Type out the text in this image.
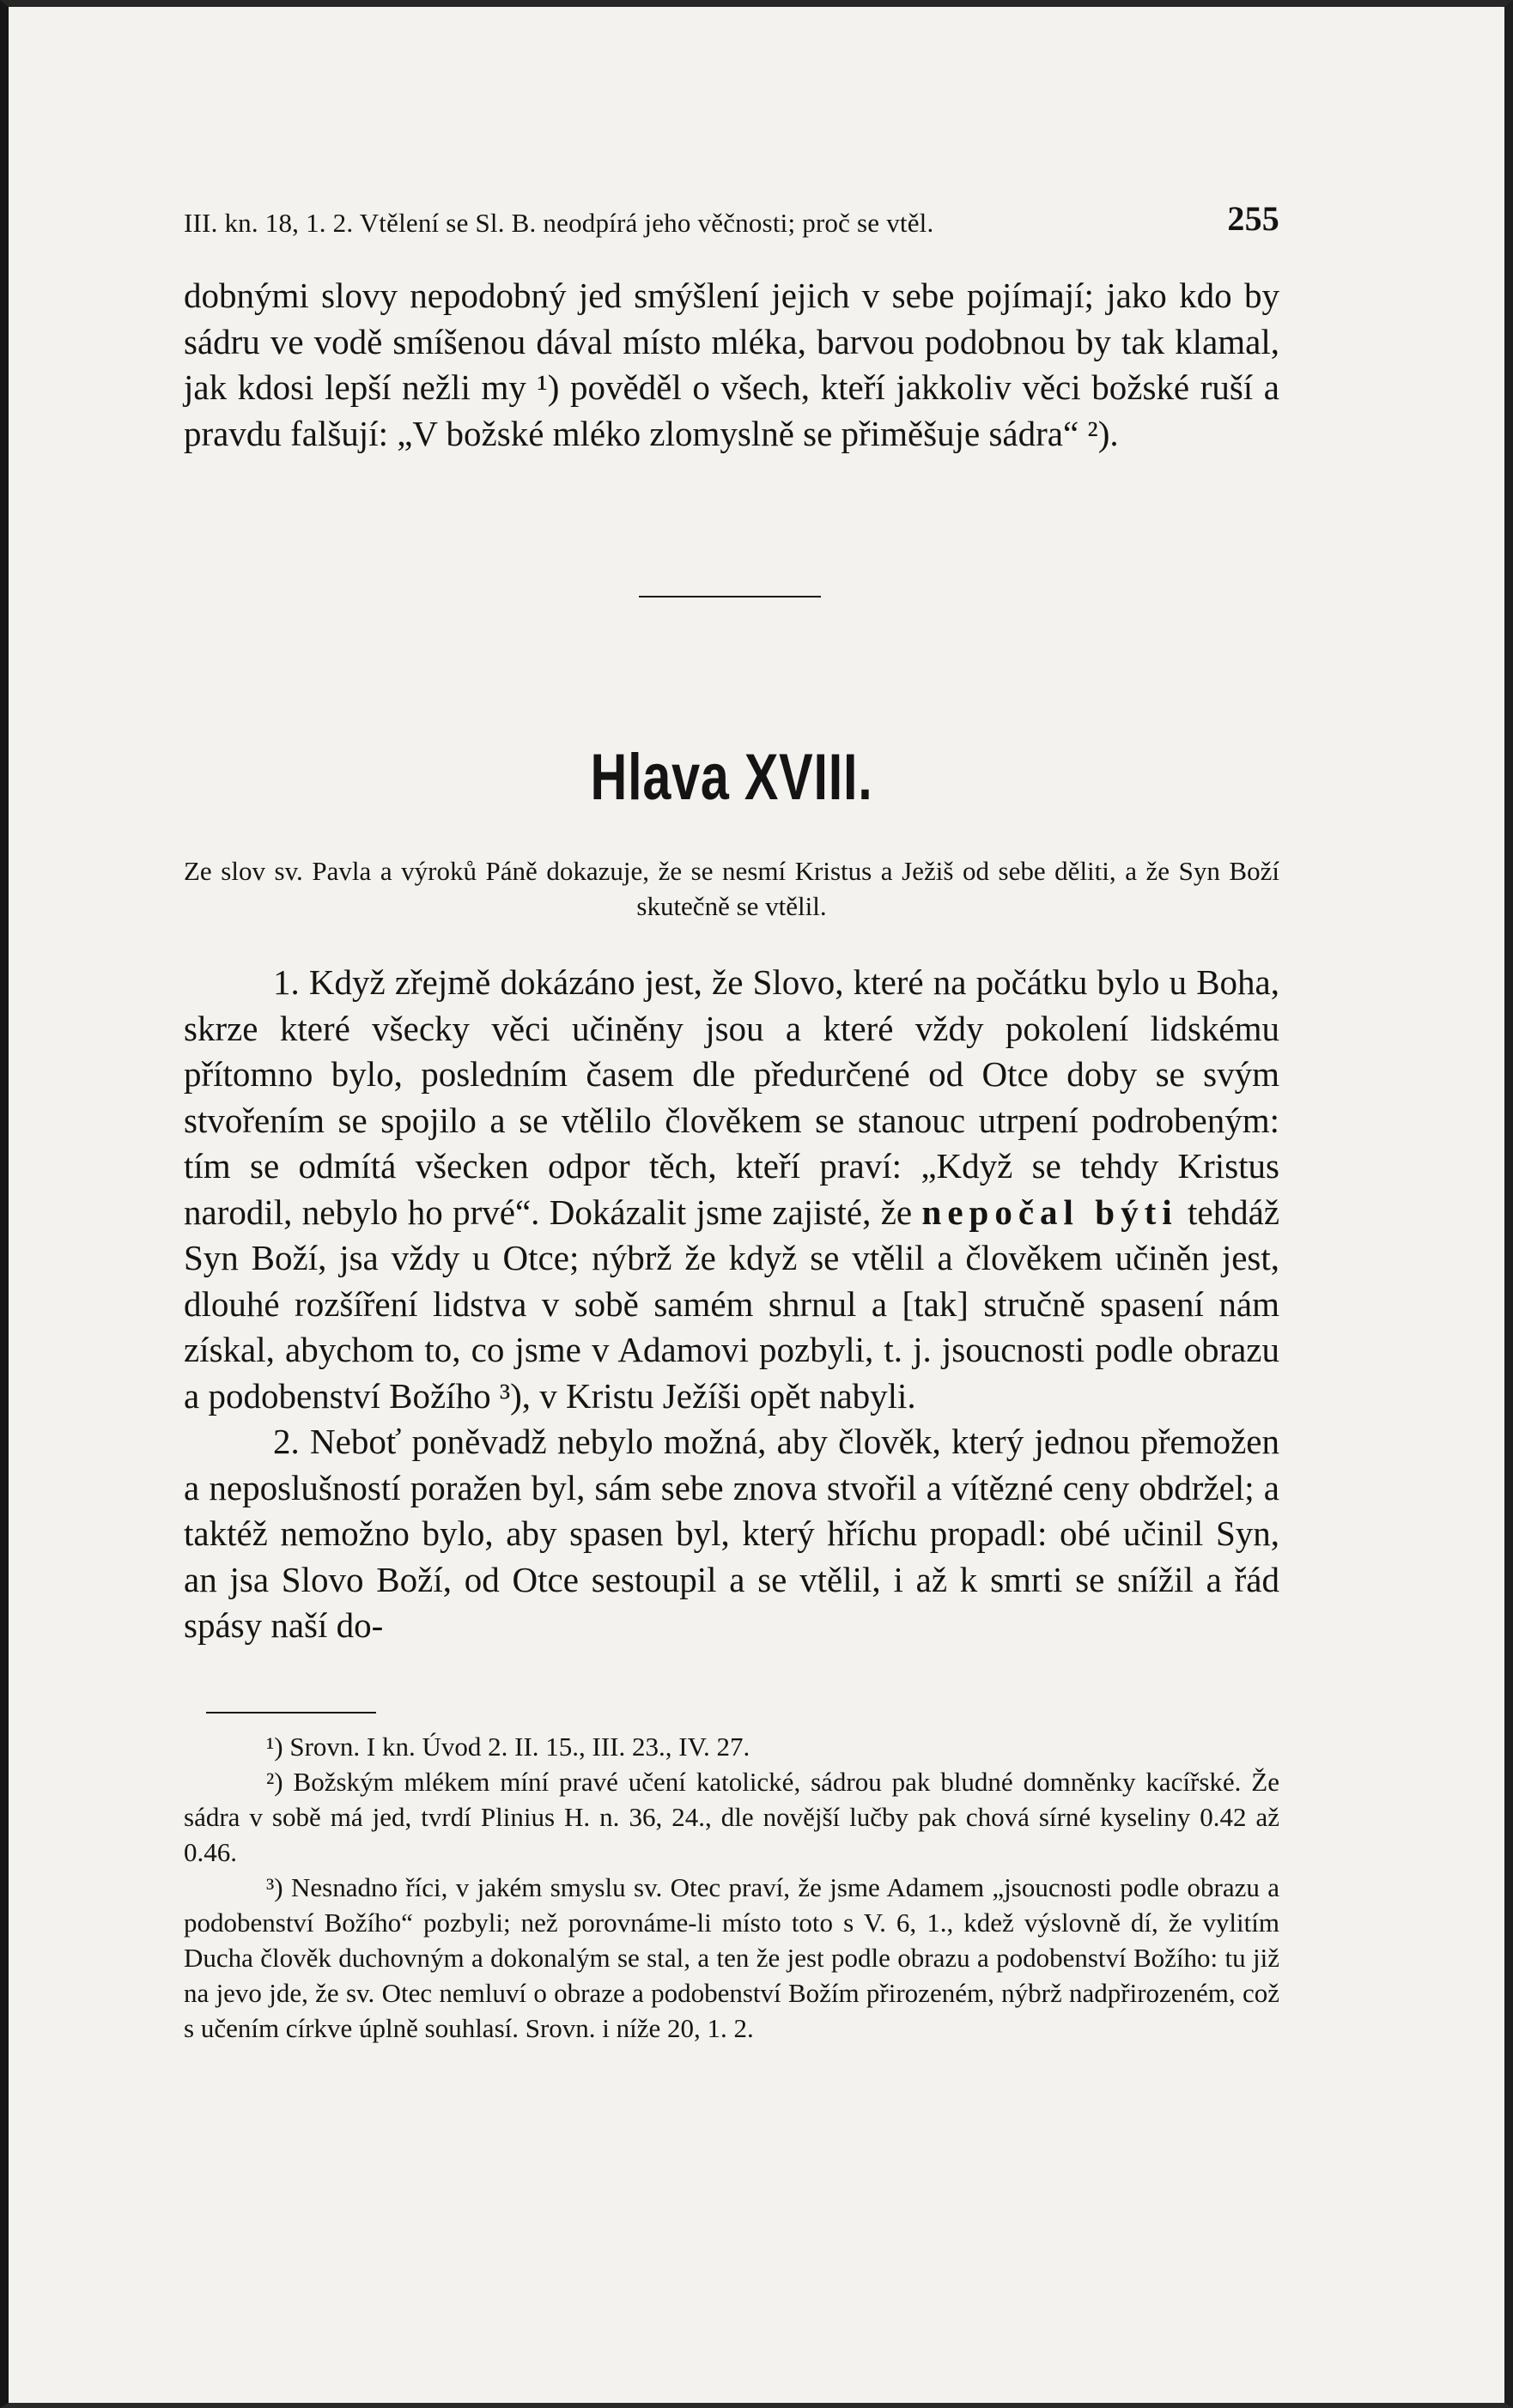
III. kn. 18, 1. 2. Vtělení se Sl. B. neodpírá jeho věčnosti; proč se vtěl.	255

dobnými slovy nepodobný jed smýšlení jejich v sebe pojímají; jako kdo by sádru ve vodě smíšenou dával místo mléka, barvou podobnou by tak klamal, jak kdosi lepší nežli my ¹) pověděl o všech, kteří jakkoliv věci božské ruší a pravdu falšují: „V božské mléko zlomyslně se přiměšuje sádra“ ²).

Hlava XVIII.

Ze slov sv. Pavla a výroků Páně dokazuje, že se nesmí Kristus a Ježiš od sebe děliti, a že Syn Boží skutečně se vtělil.

1. Když zřejmě dokázáno jest, že Slovo, které na počátku bylo u Boha, skrze které všecky věci učiněny jsou a které vždy pokolení lidskému přítomno bylo, posledním časem dle předurčené od Otce doby se svým stvořením se spojilo a se vtělilo člověkem se stanouc utrpení podrobeným: tím se odmítá všecken odpor těch, kteří praví: „Když se tehdy Kristus narodil, nebylo ho prvé“. Dokázalit jsme zajisté, že nepočal býti tehdáž Syn Boží, jsa vždy u Otce; nýbrž že když se vtělil a člověkem učiněn jest, dlouhé rozšíření lidstva v sobě samém shrnul a [tak] stručně spasení nám získal, abychom to, co jsme v Adamovi pozbyli, t. j. jsoucnosti podle obrazu a podobenství Božího ³), v Kristu Ježíši opět nabyli.

2. Neboť poněvadž nebylo možná, aby člověk, který jednou přemožen a neposlušností poražen byl, sám sebe znova stvořil a vítězné ceny obdržel; a taktéž nemožno bylo, aby spasen byl, který hříchu propadl: obé učinil Syn, an jsa Slovo Boží, od Otce sestoupil a se vtělil, i až k smrti se snížil a řád spásy naší do-

¹) Srovn. I kn. Úvod 2. II. 15., III. 23., IV. 27.

²) Božským mlékem míní pravé učení katolické, sádrou pak bludné domněnky kacířské. Že sádra v sobě má jed, tvrdí Plinius H. n. 36, 24., dle novější lučby pak chová sírné kyseliny 0.42 až 0.46.

³) Nesnadno říci, v jakém smyslu sv. Otec praví, že jsme Adamem „jsoucnosti podle obrazu a podobenství Božího“ pozbyli; než porovnáme-li místo toto s V. 6, 1., kdež výslovně dí, že vylitím Ducha člověk duchovným a dokonalým se stal, a ten že jest podle obrazu a podobenství Božího: tu již na jevo jde, že sv. Otec nemluví o obraze a podobenství Božím přirozeném, nýbrž nadpřirozeném, což s učením církve úplně souhlasí. Srovn. i níže 20, 1. 2.
